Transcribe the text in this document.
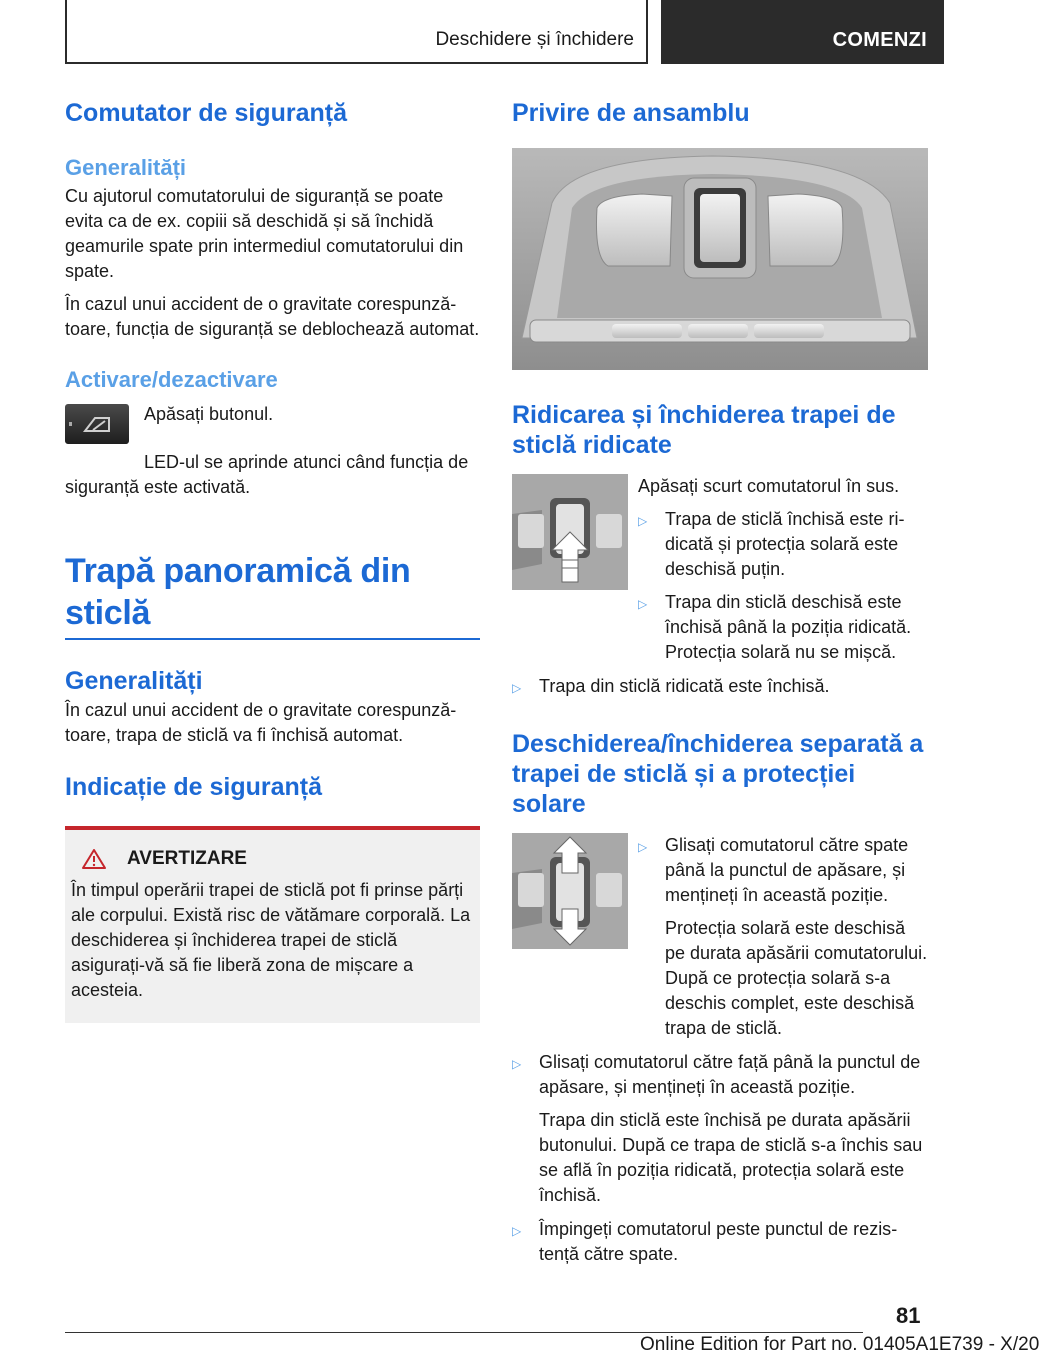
Deschidere și închidere	COMENZI
Comutator de siguranță
Generalități

Cu ajutorul comutatorului de siguranță se poate evita ca de ex. copiii să deschidă și să închidă geamurile spate prin intermediul comutatorului din spate.

În cazul unui accident de o gravitate corespunzătoare, funcția de siguranță se deblochează automat.

Activare/dezactivare

Apăsați butonul.

LED-ul se aprinde atunci când funcția de siguranță este activată.

Trapă panoramică din sticlă
Generalități

În cazul unui accident de o gravitate corespunzătoare, trapa de sticlă va fi închisă automat.

Indicație de siguranță
AVERTIZARE

În timpul operării trapei de sticlă pot fi prinse părți ale corpului. Există risc de vătămare corporală. La deschiderea și închiderea trapei de sticlă asigurați-vă să fie liberă zona de mișcare a acesteia.

Privire de ansamblu
Ridicarea și închiderea trapei de sticlă ridicate

Apăsați scurt comutatorul în sus.

▷ Trapa de sticlă închisă este ridicată și protecția solară este deschisă puțin.
▷ Trapa din sticlă deschisă este închisă până la poziția ridicată. Protecția solară nu se mișcă.
▷ Trapa din sticlă ridicată este închisă.
Deschiderea/închiderea separată a trapei de sticlă și a protecției solare
▷ Glisați comutatorul către spate până la punctul de apăsare, și mențineți în această poziție.

Protecția solară este deschisă pe durata apăsării comutatorului. După ce protecția solară s-a deschis complet, este deschisă trapa de sticlă.

▷ Glisați comutatorul către față până la punctul de apăsare, și mențineți în această poziție.

Trapa din sticlă este închisă pe durata apăsării butonului. După ce trapa de sticlă s-a închis sau se află în poziția ridicată, protecția solară este închisă.

▷ Împingeți comutatorul peste punctul de rezistență către spate.
81
Online Edition for Part no. 01405A1E739 - X/20
